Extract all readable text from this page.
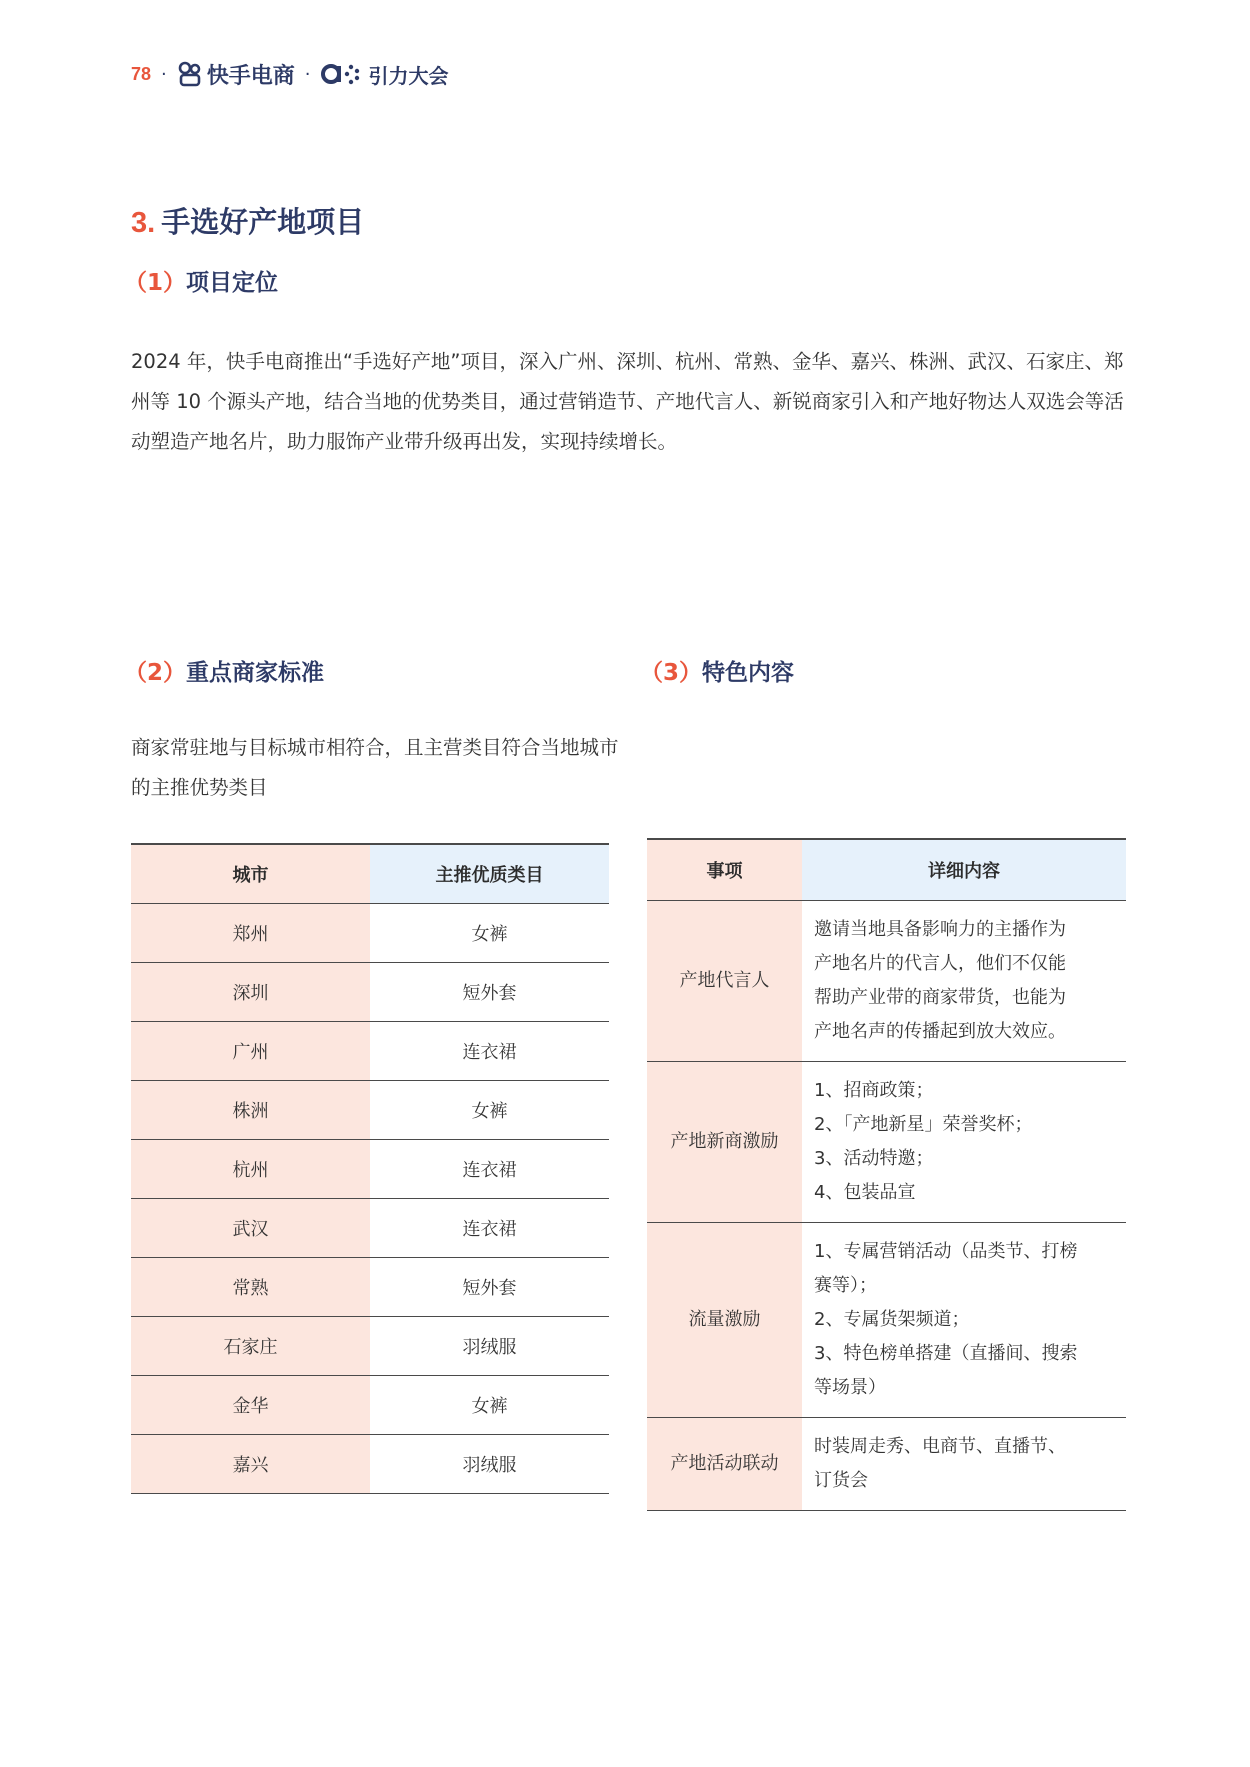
78 · 快手电商 ·	引力大会
3. 手选好产地项目
（1）项目定位
2024 年，快手电商推出“手选好产地”项目，深入广州、深圳、杭州、常熟、金华、嘉兴、株洲、武汉、石家庄、郑州等 10 个源头产地，结合当地的优势类目，通过营销造节、产地代言人、新锐商家引入和产地好物达人双选会等活动塑造产地名片，助力服饰产业带升级再出发，实现持续增长。
（2）重点商家标准
商家常驻地与目标城市相符合，且主营类目符合当地城市的主推优势类目
（3）特色内容
城市	主推优质类目
郑州	女裤
深圳	短外套
广州	连衣裙
株洲	女裤
杭州	连衣裙
武汉	连衣裙
常熟	短外套
石家庄	羽绒服
金华	女裤
嘉兴	羽绒服
事项	详细内容
产地代言人	邀请当地具备影响力的主播作为
产地名片的代言人，他们不仅能
帮助产业带的商家带货，也能为
产地名声的传播起到放大效应。

产地新商激励	1、招商政策；
2、「产地新星」荣誉奖杯；
3、活动特邀；
4、包装品宣

流量激励	1、专属营销活动（品类节、打榜
赛等）；
2、专属货架频道；
3、特色榜单搭建（直播间、搜索
等场景）

产地活动联动	时装周走秀、电商节、直播节、
订货会
